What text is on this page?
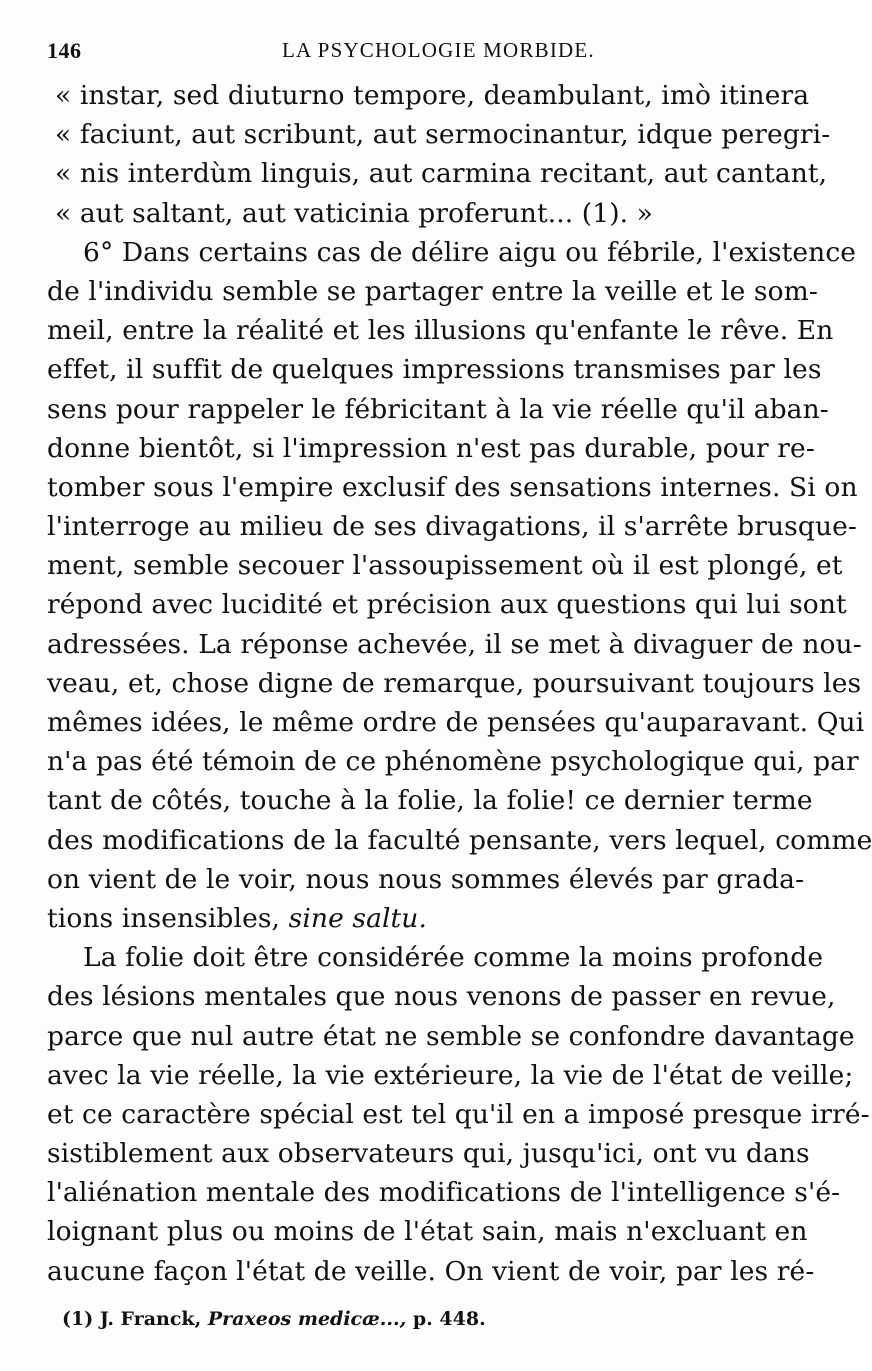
146	LA PSYCHOLOGIE MORBIDE.
« instar, sed diuturno tempore, deambulant, imò itinera
« faciunt, aut scribunt, aut sermocinantur, idque peregri-
« nis interdùm linguis, aut carmina recitant, aut cantant,
« aut saltant, aut vaticinia proferunt... (1). »
6° Dans certains cas de délire aigu ou fébrile, l'existence
de l'individu semble se partager entre la veille et le som-
meil, entre la réalité et les illusions qu'enfante le rêve. En
effet, il suffit de quelques impressions transmises par les
sens pour rappeler le fébricitant à la vie réelle qu'il aban-
donne bientôt, si l'impression n'est pas durable, pour re-
tomber sous l'empire exclusif des sensations internes. Si on
l'interroge au milieu de ses divagations, il s'arrête brusque-
ment, semble secouer l'assoupissement où il est plongé, et
répond avec lucidité et précision aux questions qui lui sont
adressées. La réponse achevée, il se met à divaguer de nou-
veau, et, chose digne de remarque, poursuivant toujours les
mêmes idées, le même ordre de pensées qu'auparavant. Qui
n'a pas été témoin de ce phénomène psychologique qui, par
tant de côtés, touche à la folie, la folie! ce dernier terme
des modifications de la faculté pensante, vers lequel, comme
on vient de le voir, nous nous sommes élevés par grada-
tions insensibles, sine saltu.
La folie doit être considérée comme la moins profonde
des lésions mentales que nous venons de passer en revue,
parce que nul autre état ne semble se confondre davantage
avec la vie réelle, la vie extérieure, la vie de l'état de veille;
et ce caractère spécial est tel qu'il en a imposé presque irré-
sistiblement aux observateurs qui, jusqu'ici, ont vu dans
l'aliénation mentale des modifications de l'intelligence s'é-
loignant plus ou moins de l'état sain, mais n'excluant en
aucune façon l'état de veille. On vient de voir, par les ré-
(1) J. Franck, Praxeos medicæ..., p. 448.
